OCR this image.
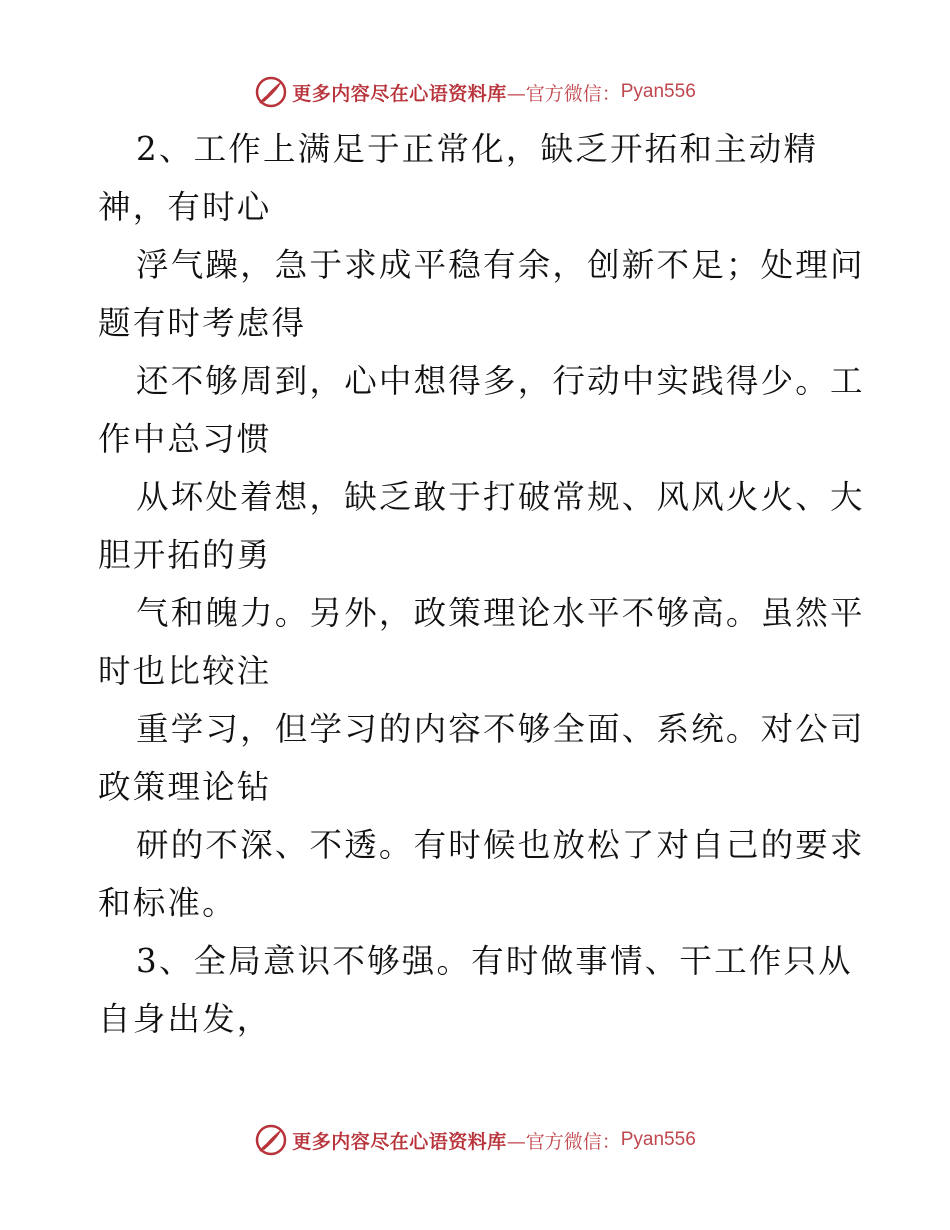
更多内容尽在心语资料库 —官方微信： Pyan556
2、工作上满足于正常化，缺乏开拓和主动精
神，有时心
浮气躁，急于求成平稳有余，创新不足；处理问
题有时考虑得
还不够周到，心中想得多，行动中实践得少。工
作中总习惯
从坏处着想，缺乏敢于打破常规、风风火火、大
胆开拓的勇
气和魄力。另外，政策理论水平不够高。虽然平
时也比较注
重学习，但学习的内容不够全面、系统。对公司
政策理论钻
研的不深、不透。有时候也放松了对自己的要求
和标准。
3、全局意识不够强。有时做事情、干工作只从
自身出发，
更多内容尽在心语资料库 —官方微信： Pyan556
